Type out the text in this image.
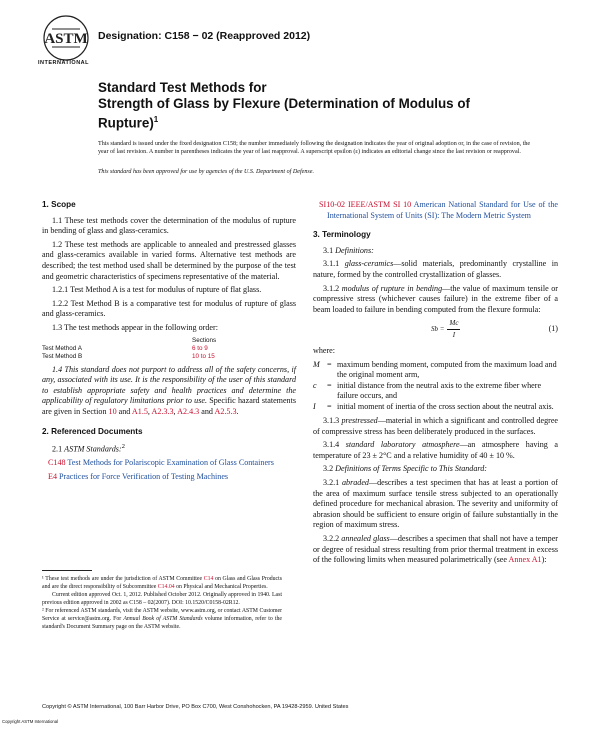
ASTM
INTERNATIONAL
Designation: C158 − 02 (Reapproved 2012)
Standard Test Methods for
Strength of Glass by Flexure (Determination of Modulus of
Rupture)$^1$
This standard is issued under the fixed designation C158; the number immediately following the designation indicates the year of original adoption or, in the case of revision, the year of last revision. A number in parentheses indicates the year of last reapproval. A superscript epsilon (ε) indicates an editorial change since the last revision or reapproval.
This standard has been approved for use by agencies of the U.S. Department of Defense.
1. Scope

1.1 These test methods cover the determination of the modulus of rupture in bending of glass and glass-ceramics.

1.2 These test methods are applicable to annealed and prestressed glasses and glass-ceramics available in varied forms. Alternative test methods are described; the test method used shall be determined by the purpose of the test and geometric characteristics of specimens representative of the material.

1.2.1 Test Method A is a test for modulus of rupture of flat glass.

1.2.2 Test Method B is a comparative test for modulus of rupture of glass and glass-ceramics.

1.3 The test methods appear in the following order:

Sections
Test Method A	6 to 9
Test Method B	10 to 15

1.4 This standard does not purport to address all of the safety concerns, if any, associated with its use. It is the responsibility of the user of this standard to establish appropriate safety and health practices and determine the applicability of regulatory limitations prior to use. Specific hazard statements are given in Section 10 and A1.5, A2.3.3, A2.4.3 and A2.5.3.

2. Referenced Documents

2.1 ASTM Standards:$^2$

C148 Test Methods for Polariscopic Examination of Glass Containers

E4 Practices for Force Verification of Testing Machines

¹ These test methods are under the jurisdiction of ASTM Committee C14 on Glass and Glass Products and are the direct responsibility of Subcommittee C14.04 on Physical and Mechanical Properties.

Current edition approved Oct. 1, 2012. Published October 2012. Originally approved in 1940. Last previous edition approved in 2002 as C158 – 02(2007). DOI: 10.1520/C0158-02R12.

² For referenced ASTM standards, visit the ASTM website, www.astm.org, or contact ASTM Customer Service at service@astm.org. For Annual Book of ASTM Standards volume information, refer to the standard's Document Summary page on the ASTM website.

SI10-02 IEEE/ASTM SI 10 American National Standard for Use of the International System of Units (SI): The Modern Metric System

3. Terminology

3.1 Definitions:

3.1.1 glass-ceramics—solid materials, predominantly crystalline in nature, formed by the controlled crystallization of glasses.

3.1.2 modulus of rupture in bending—the value of maximum tensile or compressive stress (whichever causes failure) in the extreme fiber of a beam loaded to failure in bending computed from the flexure formula:

$Sb = \frac{Mc}{I}$	(1)

where:

M = maximum bending moment, computed from the maximum load and the original moment arm,
c	= initial distance from the neutral axis to the extreme fiber where failure occurs, and
I	= initial moment of inertia of the cross section about the neutral axis.

3.1.3 prestressed—material in which a significant and controlled degree of compressive stress has been deliberately produced in the surfaces.

3.1.4 standard laboratory atmosphere—an atmosphere having a temperature of 23 ± 2°C and a relative humidity of 40 ± 10 %.

3.2 Definitions of Terms Specific to This Standard:

3.2.1 abraded—describes a test specimen that has at least a portion of the area of maximum surface tensile stress subjected to an operationally defined procedure for mechanical abrasion. The severity and uniformity of abrasion should be sufficient to ensure origin of failure substantially in the region of maximum stress.

3.2.2 annealed glass—describes a specimen that shall not have a temper or degree of residual stress resulting from prior thermal treatment in excess of the following limits when measured polarimetrically (see Annex A1):

Copyright © ASTM International, 100 Barr Harbor Drive, PO Box C700, West Conshohocken, PA 19428-2959. United States
Copyright ASTM International
